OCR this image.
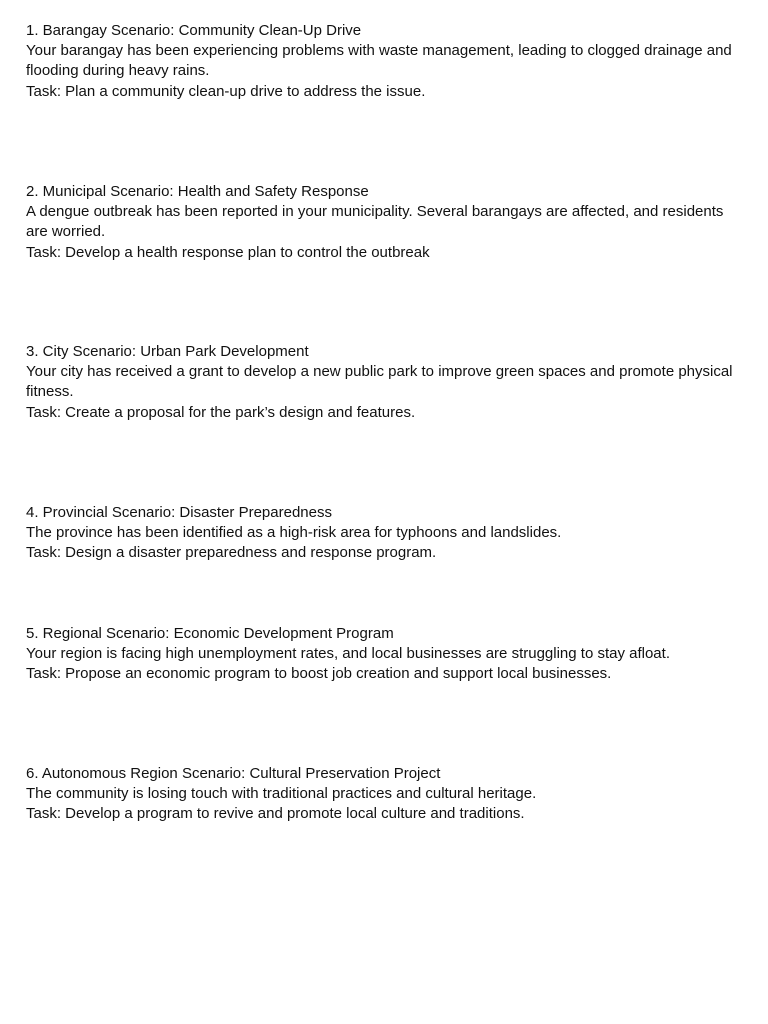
1. Barangay Scenario: Community Clean-Up Drive

Your barangay has been experiencing problems with waste management, leading to clogged drainage and flooding during heavy rains.

Task: Plan a community clean-up drive to address the issue.

2. Municipal Scenario: Health and Safety Response

A dengue outbreak has been reported in your municipality. Several barangays are affected, and residents are worried.

Task: Develop a health response plan to control the outbreak

3. City Scenario: Urban Park Development

Your city has received a grant to develop a new public park to improve green spaces and promote physical fitness.

Task: Create a proposal for the park’s design and features.

4. Provincial Scenario: Disaster Preparedness

The province has been identified as a high-risk area for typhoons and landslides.

Task: Design a disaster preparedness and response program.

5. Regional Scenario: Economic Development Program

Your region is facing high unemployment rates, and local businesses are struggling to stay afloat.

Task: Propose an economic program to boost job creation and support local businesses.

6. Autonomous Region Scenario: Cultural Preservation Project

The community is losing touch with traditional practices and cultural heritage.

Task: Develop a program to revive and promote local culture and traditions.
